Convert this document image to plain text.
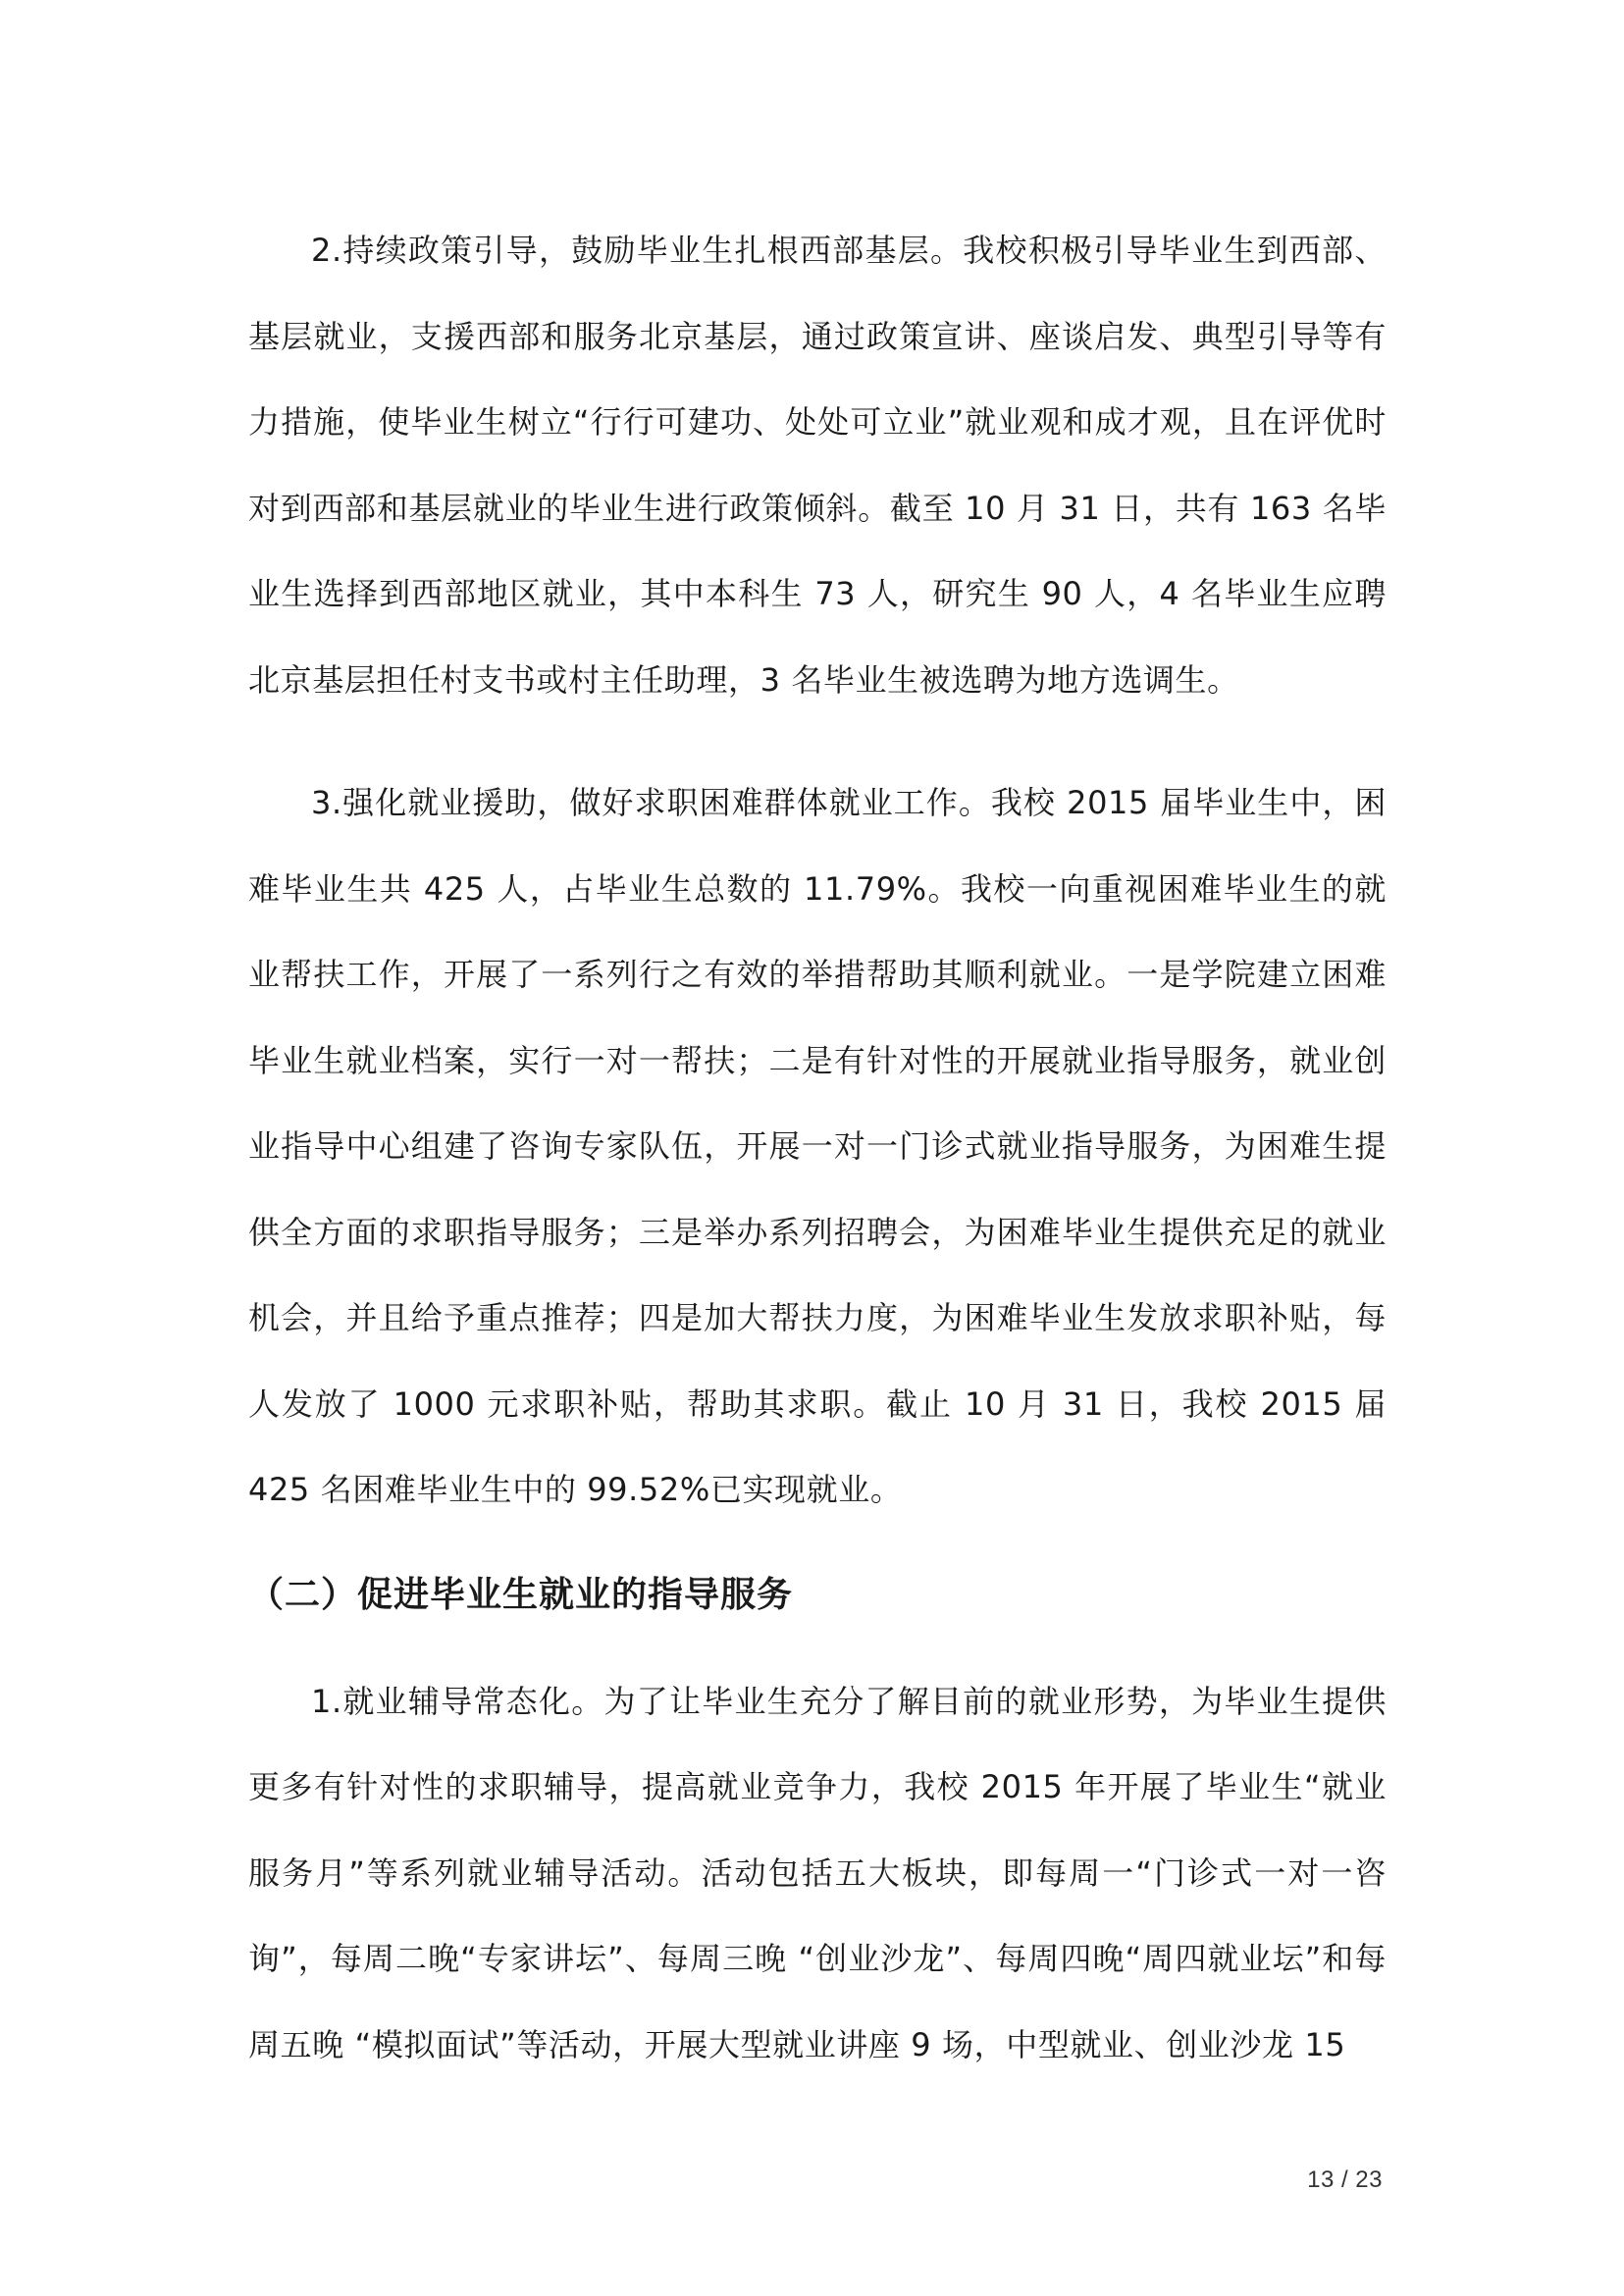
2.持续政策引导，鼓励毕业生扎根西部基层。我校积极引导毕业生到西部、基层就业，支援西部和服务北京基层，通过政策宣讲、座谈启发、典型引导等有力措施，使毕业生树立“行行可建功、处处可立业”就业观和成才观，且在评优时对到西部和基层就业的毕业生进行政策倾斜。截至 10 月 31 日，共有 163 名毕业生选择到西部地区就业，其中本科生 73 人，研究生 90 人，4 名毕业生应聘北京基层担任村支书或村主任助理，3 名毕业生被选聘为地方选调生。

3.强化就业援助，做好求职困难群体就业工作。我校 2015 届毕业生中，困难毕业生共 425 人，占毕业生总数的 11.79%。我校一向重视困难毕业生的就业帮扶工作，开展了一系列行之有效的举措帮助其顺利就业。一是学院建立困难毕业生就业档案，实行一对一帮扶；二是有针对性的开展就业指导服务，就业创业指导中心组建了咨询专家队伍，开展一对一门诊式就业指导服务，为困难生提供全方面的求职指导服务；三是举办系列招聘会，为困难毕业生提供充足的就业机会，并且给予重点推荐；四是加大帮扶力度，为困难毕业生发放求职补贴，每人发放了 1000 元求职补贴，帮助其求职。截止 10 月 31 日，我校 2015 届 425 名困难毕业生中的 99.52%已实现就业。

（二）促进毕业生就业的指导服务

1.就业辅导常态化。为了让毕业生充分了解目前的就业形势，为毕业生提供更多有针对性的求职辅导，提高就业竞争力，我校 2015 年开展了毕业生“就业服务月”等系列就业辅导活动。活动包括五大板块，即每周一“门诊式一对一咨询”，每周二晚“专家讲坛”、每周三晚 “创业沙龙”、每周四晚“周四就业坛”和每周五晚 “模拟面试”等活动，开展大型就业讲座 9 场，中型就业、创业沙龙 15

13 / 23
